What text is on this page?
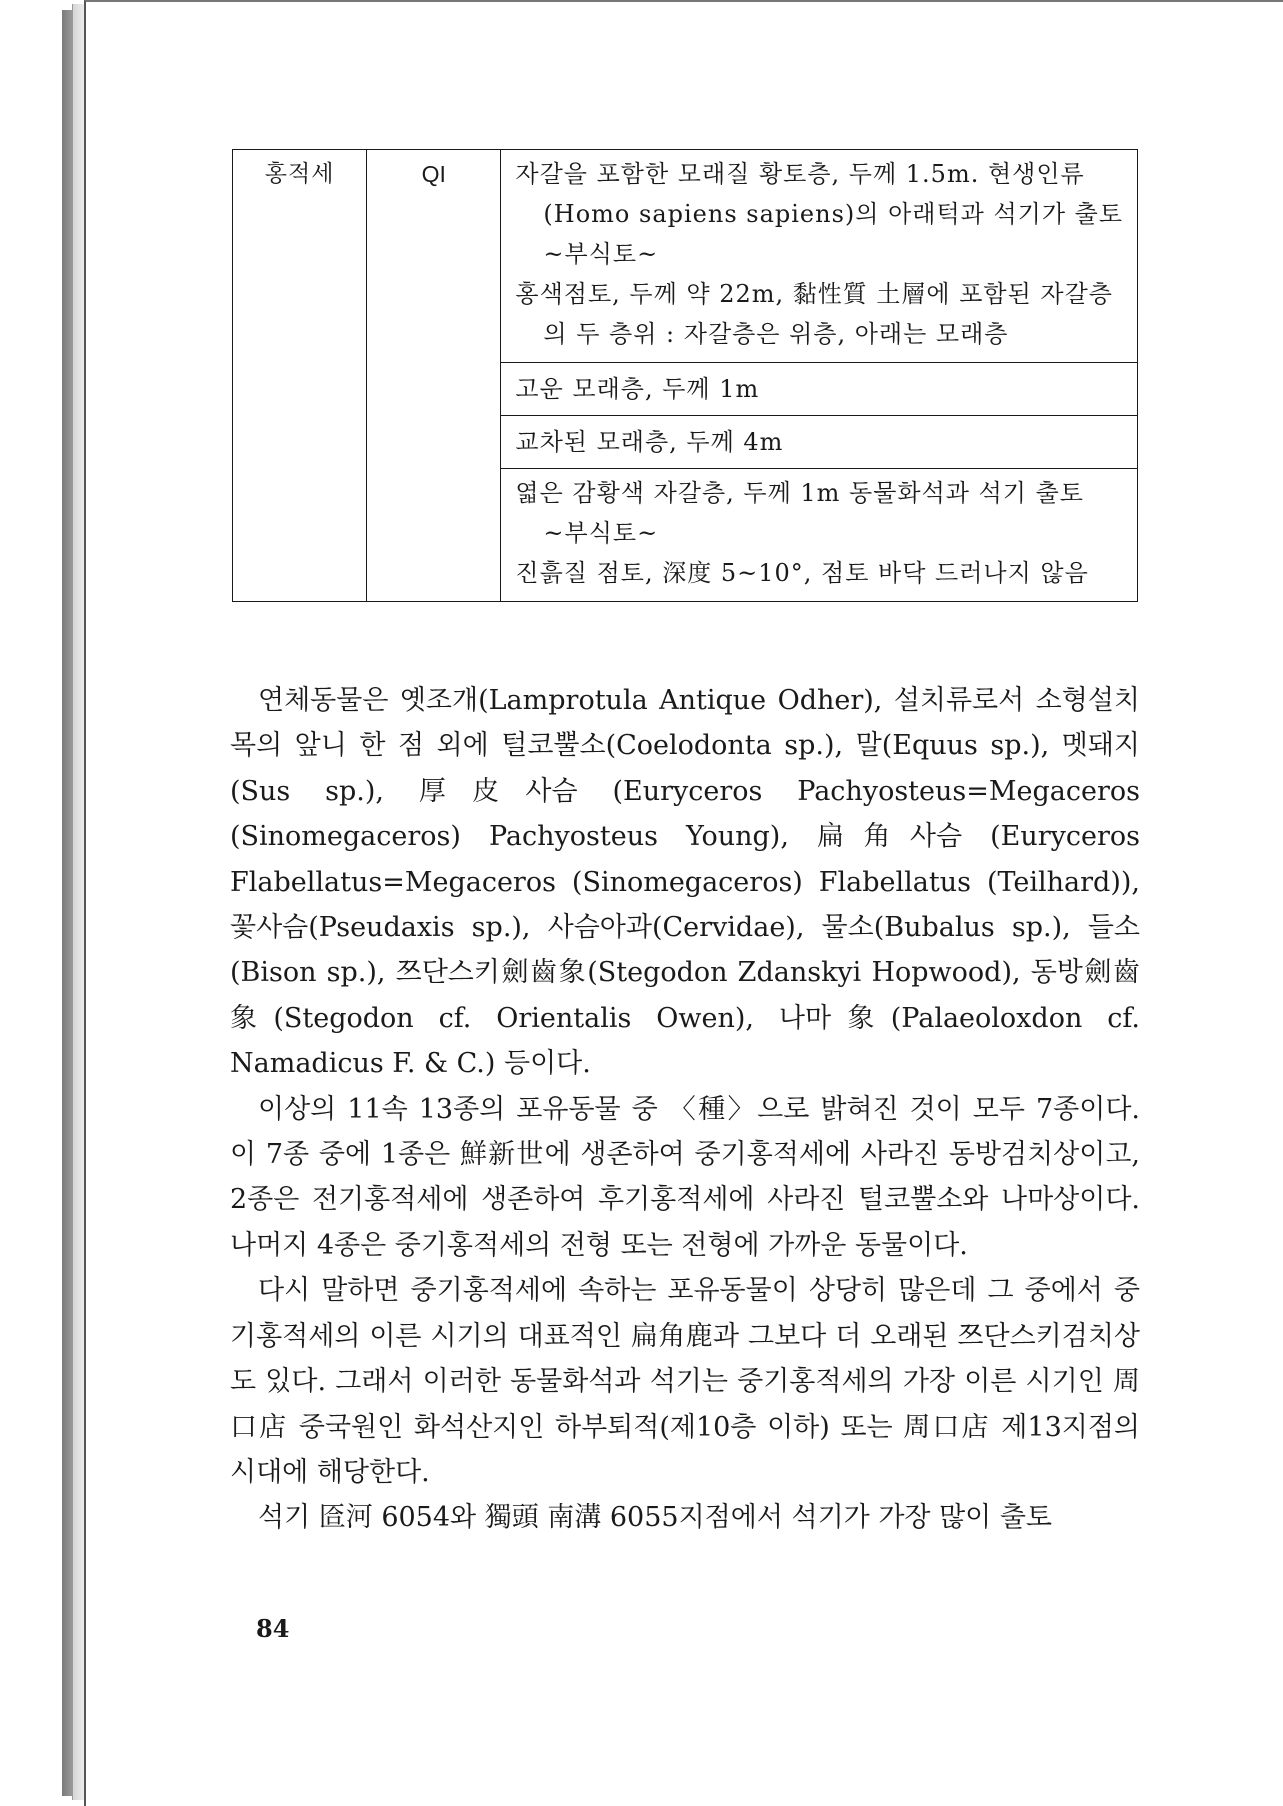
홍적세	QI	자갈을 포함한 모래질 황토층, 두께 1.5m. 현생인류
(Homo sapiens sapiens)의 아래턱과 석기가 출토
~부식토~
홍색점토, 두께 약 22m, 黏性質 土層에 포함된 자갈층
의 두 층위 : 자갈층은 위층, 아래는 모래층

고운 모래층, 두께 1m

교차된 모래층, 두께 4m

엷은 감황색 자갈층, 두께 1m 동물화석과 석기 출토
~부식토~
진흙질 점토, 深度 5~10°, 점토 바닥 드러나지 않음

연체동물은 옛조개(Lamprotula Antique Odher), 설치류로서 소형설치목의 앞니 한 점 외에 털코뿔소(Coelodonta sp.), 말(Equus sp.), 멧돼지(Sus sp.), 厚皮사슴 (Euryceros Pachyosteus=Megaceros (Sinomegaceros) Pachyosteus Young), 扁角사슴 (Euryceros Flabellatus=Megaceros (Sinomegaceros) Flabellatus (Teilhard)), 꽃사슴(Pseudaxis sp.), 사슴아과(Cervidae), 물소(Bubalus sp.), 들소(Bison sp.), 쯔단스키劍齒象(Stegodon Zdanskyi Hopwood), 동방劍齒象(Stegodon cf. Orientalis Owen), 나마象(Palaeoloxdon cf. Namadicus F. & C.) 등이다.

이상의 11속 13종의 포유동물 중 〈種〉으로 밝혀진 것이 모두 7종이다. 이 7종 중에 1종은 鮮新世에 생존하여 중기홍적세에 사라진 동방검치상이고, 2종은 전기홍적세에 생존하여 후기홍적세에 사라진 털코뿔소와 나마상이다. 나머지 4종은 중기홍적세의 전형 또는 전형에 가까운 동물이다.

다시 말하면 중기홍적세에 속하는 포유동물이 상당히 많은데 그 중에서 중기홍적세의 이른 시기의 대표적인 扁角鹿과 그보다 더 오래된 쯔단스키검치상도 있다. 그래서 이러한 동물화석과 석기는 중기홍적세의 가장 이른 시기인 周口店 중국원인 화석산지인 하부퇴적(제10층 이하) 또는 周口店 제13지점의 시대에 해당한다.

석기 匼河 6054와 獨頭 南溝 6055지점에서 석기가 가장 많이 출토

84
